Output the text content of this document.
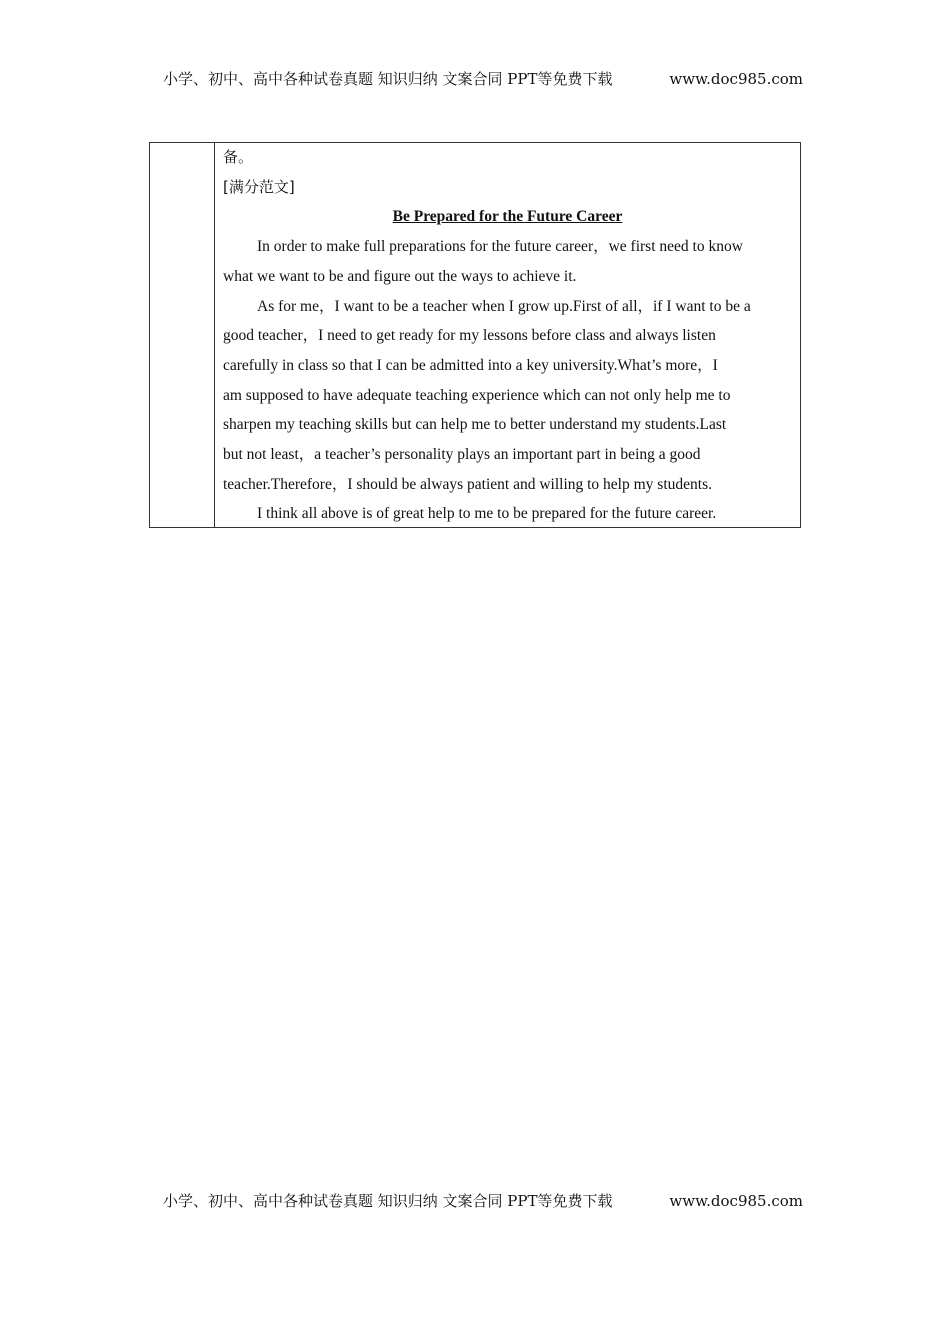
小学、初中、高中各种试卷真题 知识归纳 文案合同 PPT等免费下载	www.doc985.com
备。
[满分范文]
Be Prepared for the Future Career
In order to make full preparations for the future career，we first need to know
what we want to be and figure out the ways to achieve it.
As for me，I want to be a teacher when I grow up.First of all，if I want to be a
good teacher，I need to get ready for my lessons before class and always listen
carefully in class so that I can be admitted into a key university.What’s more，I
am supposed to have adequate teaching experience which can not only help me to
sharpen my teaching skills but can help me to better understand my students.Last
but not least，a teacher’s personality plays an important part in being a good
teacher.Therefore，I should be always patient and willing to help my students.
I think all above is of great help to me to be prepared for the future career.
小学、初中、高中各种试卷真题 知识归纳 文案合同 PPT等免费下载	www.doc985.com
